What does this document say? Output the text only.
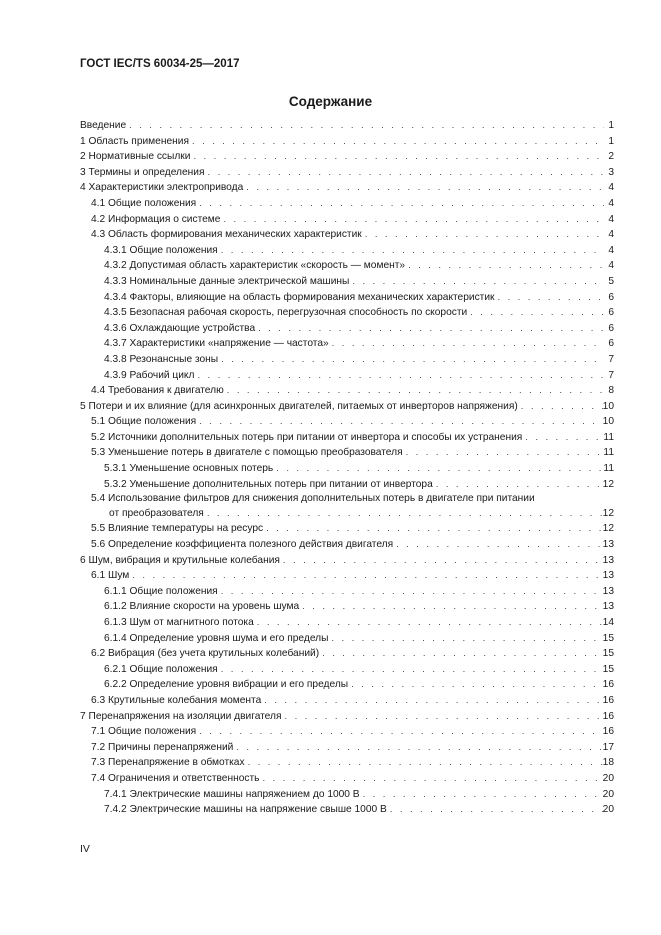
ГОСТ IEC/TS 60034-25—2017
Содержание
Введение . . .	1
1 Область применения . . .	1
2 Нормативные ссылки . . .	2
3 Термины и определения . . .	3
4 Характеристики электропривода . . .	4
4.1 Общие положения . . .	4
4.2 Информация о системе . . .	4
4.3 Область формирования механических характеристик . . .	4
4.3.1 Общие положения . . .	4
4.3.2 Допустимая область характеристик «скорость — момент» . . .	4
4.3.3 Номинальные данные электрической машины . . .	5
4.3.4 Факторы, влияющие на область формирования механических характеристик . . .	6
4.3.5 Безопасная рабочая скорость, перегрузочная способность по скорости . . .	6
4.3.6 Охлаждающие устройства . . .	6
4.3.7 Характеристики «напряжение — частота» . . .	6
4.3.8 Резонансные зоны . . .	7
4.3.9 Рабочий цикл . . .	7
4.4 Требования к двигателю . . .	8
5 Потери и их влияние (для асинхронных двигателей, питаемых от инверторов напряжения) . . .	10
5.1 Общие положения . . .	10
5.2 Источники дополнительных потерь при питании от инвертора и способы их устранения . . .	11
5.3 Уменьшение потерь в двигателе с помощью преобразователя . . .	11
5.3.1 Уменьшение основных потерь . . .	11
5.3.2 Уменьшение дополнительных потерь при питании от инвертора . . .	12
5.4 Использование фильтров для снижения дополнительных потерь в двигателе при питании
от преобразователя . . .	12
5.5 Влияние температуры на ресурс . . .	12
5.6 Определение коэффициента полезного действия двигателя . . .	13
6 Шум, вибрация и крутильные колебания . . .	13
6.1 Шум . . .	13
6.1.1 Общие положения . . .	13
6.1.2 Влияние скорости на уровень шума . . .	13
6.1.3 Шум от магнитного потока . . .	14
6.1.4 Определение уровня шума и его пределы . . .	15
6.2 Вибрация (без учета крутильных колебаний) . . .	15
6.2.1 Общие положения . . .	15
6.2.2 Определение уровня вибрации и его пределы . . .	16
6.3 Крутильные колебания момента . . .	16
7 Перенапряжения на изоляции двигателя . . .	16
7.1 Общие положения . . .	16
7.2 Причины перенапряжений . . .	17
7.3 Перенапряжение в обмотках . . .	18
7.4 Ограничения и ответственность . . .	20
7.4.1 Электрические машины напряжением до 1000 В . . .	20
7.4.2 Электрические машины на напряжение свыше 1000 В . . .	20
IV
